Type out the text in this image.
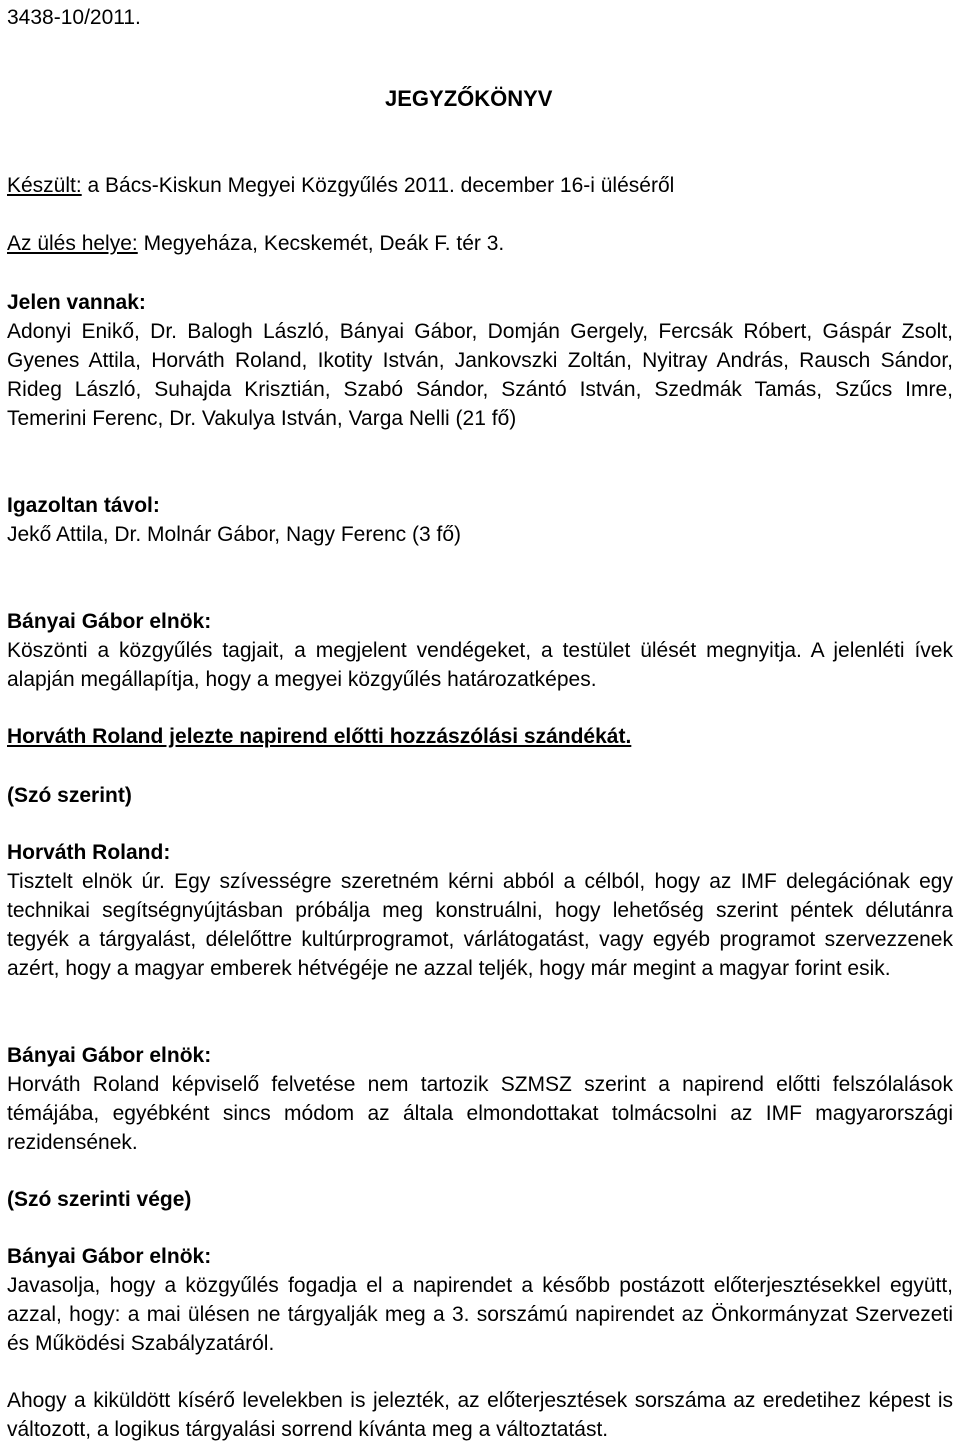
3438-10/2011.
JEGYZŐKÖNYV
Készült: a Bács-Kiskun Megyei Közgyűlés 2011. december 16-i üléséről
Az ülés helye: Megyeháza, Kecskemét, Deák F. tér 3.
Jelen vannak:
Adonyi Enikő, Dr. Balogh László, Bányai Gábor, Domján Gergely, Fercsák Róbert, Gáspár Zsolt, Gyenes Attila, Horváth Roland, Ikotity István, Jankovszki Zoltán, Nyitray András, Rausch Sándor, Rideg László, Suhajda Krisztián, Szabó Sándor, Szántó István, Szedmák Tamás, Szűcs Imre, Temerini Ferenc, Dr. Vakulya István, Varga Nelli (21 fő)
Igazoltan távol:
Jekő Attila, Dr. Molnár Gábor, Nagy Ferenc (3 fő)
Bányai Gábor elnök:
Köszönti a közgyűlés tagjait, a megjelent vendégeket, a testület ülését megnyitja. A jelenléti ívek alapján megállapítja, hogy a megyei közgyűlés határozatképes.
Horváth Roland jelezte napirend előtti hozzászólási szándékát.
(Szó szerint)
Horváth Roland:
Tisztelt elnök úr. Egy szívességre szeretném kérni abból a célból, hogy az IMF delegációnak egy technikai segítségnyújtásban próbálja meg konstruálni, hogy lehetőség szerint péntek délutánra tegyék a tárgyalást, délelőttre kultúrprogramot, várlátogatást, vagy egyéb programot szervezzenek azért, hogy a magyar emberek hétvégéje ne azzal teljék, hogy már megint a magyar forint esik.
Bányai Gábor elnök:
Horváth Roland képviselő felvetése nem tartozik SZMSZ szerint a napirend előtti felszólalások témájába, egyébként sincs módom az általa elmondottakat tolmácsolni az IMF magyarországi rezidensének.
(Szó szerinti vége)
Bányai Gábor elnök:
Javasolja, hogy a közgyűlés fogadja el a napirendet a később postázott előterjesztésekkel együtt, azzal, hogy: a mai ülésen ne tárgyalják meg a 3. sorszámú napirendet az Önkormányzat Szervezeti és Működési Szabályzatáról.
Ahogy a kiküldött kísérő levelekben is jelezték, az előterjesztések sorszáma az eredetihez képest is változott, a logikus tárgyalási sorrend kívánta meg a változtatást.
